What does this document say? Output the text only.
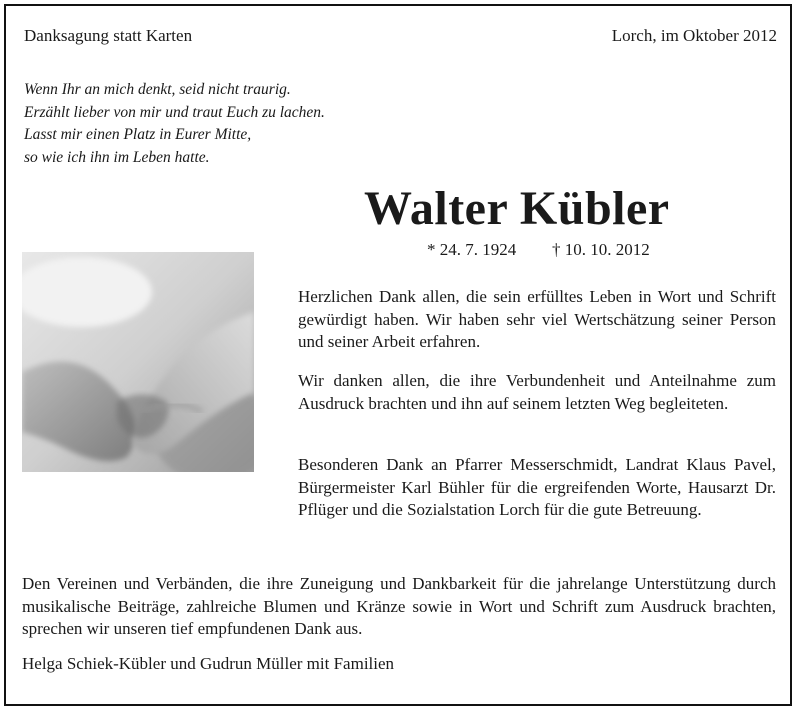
Danksagung statt Karten	Lorch, im Oktober 2012
Wenn Ihr an mich denkt, seid nicht traurig.
Erzählt lieber von mir und traut Euch zu lachen.
Lasst mir einen Platz in Eurer Mitte,
so wie ich ihn im Leben hatte.
Walter Kübler
* 24. 7. 1924 † 10. 10. 2012
Herzlichen Dank allen, die sein erfülltes Leben in Wort und Schrift gewürdigt haben. Wir haben sehr viel Wertschätzung seiner Person und seiner Arbeit erfahren.
Wir danken allen, die ihre Verbundenheit und Anteilnahme zum Ausdruck brachten und ihn auf seinem letzten Weg begleiteten.
Besonderen Dank an Pfarrer Messerschmidt, Landrat Klaus Pavel, Bürgermeister Karl Bühler für die ergreifenden Worte, Hausarzt Dr. Pflüger und die Sozialstation Lorch für die gute Betreuung.
Den Vereinen und Verbänden, die ihre Zuneigung und Dankbarkeit für die jahrelange Unterstützung durch musikalische Beiträge, zahlreiche Blumen und Kränze sowie in Wort und Schrift zum Ausdruck brachten, sprechen wir unseren tief empfundenen Dank aus.
Helga Schiek-Kübler und Gudrun Müller mit Familien
